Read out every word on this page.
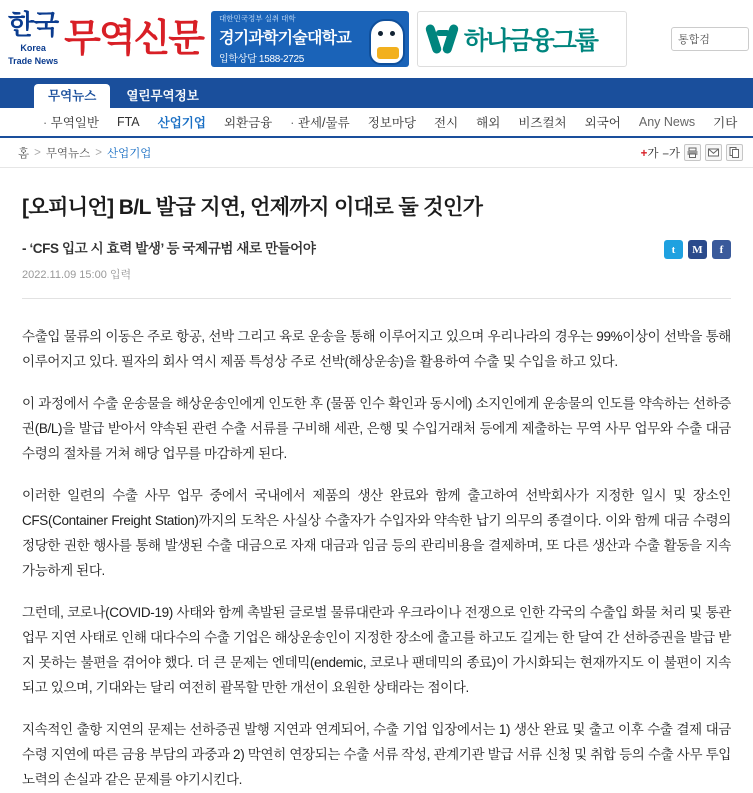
한국
Korea
Trade News
무역신문 대한민국정부 실취 대학
경기과학기술대학교
입학상담 1588-2725
하나금융그룹	통합검
무역뉴스	열린무역정보
· 무역일반	FTA	산업기업	외환금융	· 관세/물류	정보마당	전시	해외	비즈컬처	외국어	Any News	기타
홈 > 무역뉴스 > 산업기업	+가 –가
[오피니언] B/L 발급 지연, 언제까지 이대로 둘 것인가
- ‘CFS 입고 시 효력 발생’ 등 국제규범 새로 만들어야
2022.11.09 15:00 입력
t	M	f

수출입 물류의 이동은 주로 항공, 선박 그리고 육로 운송을 통해 이루어지고 있으며 우리나라의 경우는 99%이상이 선박을 통해 이루어지고 있다. 필자의 회사 역시 제품 특성상 주로 선박(해상운송)을 활용하여 수출 및 수입을 하고 있다.

이 과정에서 수출 운송물을 해상운송인에게 인도한 후 (물품 인수 확인과 동시에) 소지인에게 운송물의 인도를 약속하는 선하증권(B/L)을 발급 받아서 약속된 관련 수출 서류를 구비해 세관, 은행 및 수입거래처 등에게 제출하는 무역 사무 업무와 수출 대금 수령의 절차를 거쳐 해당 업무를 마감하게 된다.

이러한 일련의 수출 사무 업무 중에서 국내에서 제품의 생산 완료와 함께 출고하여 선박회사가 지정한 일시 및 장소인 CFS(Container Freight Station)까지의 도착은 사실상 수출자가 수입자와 약속한 납기 의무의 종결이다. 이와 함께 대금 수령의 정당한 권한 행사를 통해 발생된 수출 대금으로 자재 대금과 임금 등의 관리비용을 결제하며, 또 다른 생산과 수출 활동을 지속 가능하게 된다.

그런데, 코로나(COVID-19) 사태와 함께 촉발된 글로벌 물류대란과 우크라이나 전쟁으로 인한 각국의 수출입 화물 처리 및 통관 업무 지연 사태로 인해 대다수의 수출 기업은 해상운송인이 지정한 장소에 출고를 하고도 길게는 한 달여 간 선하증권을 발급 받지 못하는 불편을 겪어야 했다. 더 큰 문제는 엔데믹(endemic, 코로나 팬데믹의 종료)이 가시화되는 현재까지도 이 불편이 지속되고 있으며, 기대와는 달리 여전히 괄목할 만한 개선이 요원한 상태라는 점이다.

지속적인 출항 지연의 문제는 선하증권 발행 지연과 연계되어, 수출 기업 입장에서는 1) 생산 완료 및 출고 이후 수출 결제 대금 수령 지연에 따른 금융 부담의 과중과 2) 막연히 연장되는 수출 서류 작성, 관계기관 발급 서류 신청 및 취합 등의 수출 사무 투입 노력의 손실과 같은 문제를 야기시킨다.
